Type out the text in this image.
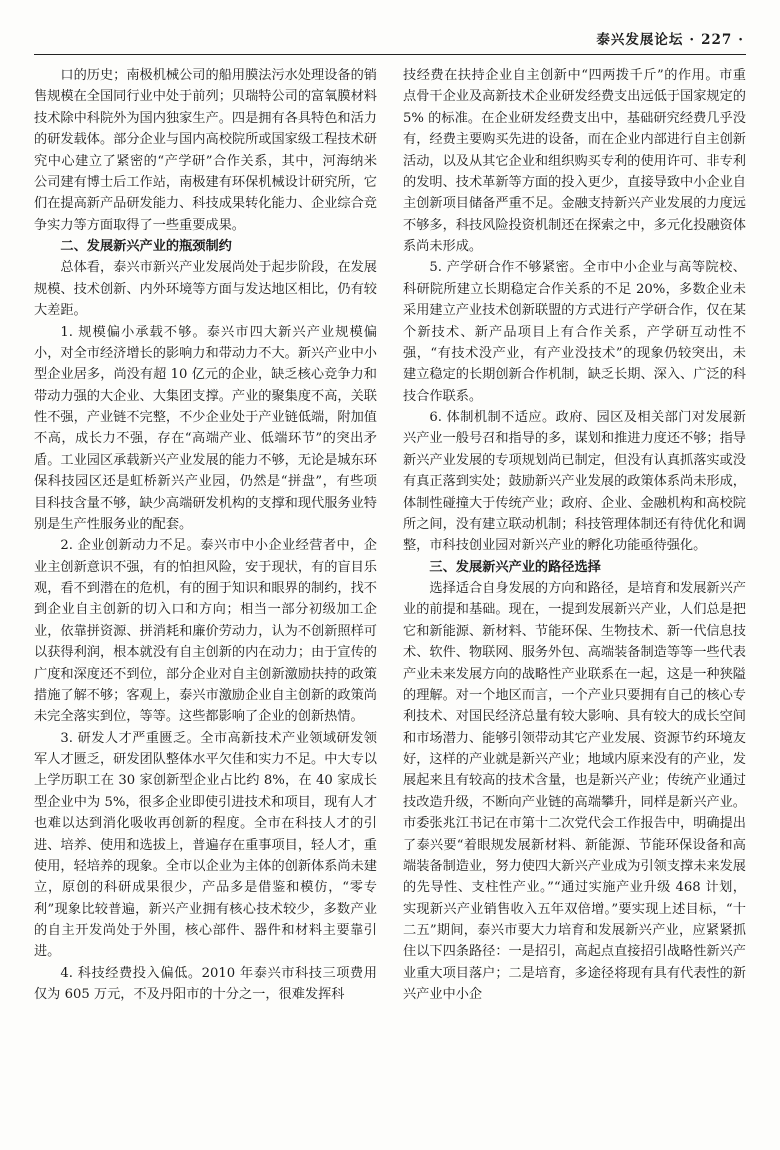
泰兴发展论坛 · 227 ·

口的历史；南极机械公司的船用膜法污水处理设备的销售规模在全国同行业中处于前列；贝瑞特公司的富氧膜材料技术除中科院外为国内独家生产。四是拥有各具特色和活力的研发载体。部分企业与国内高校院所或国家级工程技术研究中心建立了紧密的“产学研”合作关系，其中，河海纳米公司建有博士后工作站，南极建有环保机械设计研究所，它们在提高新产品研发能力、科技成果转化能力、企业综合竞争实力等方面取得了一些重要成果。

二、发展新兴产业的瓶颈制约

总体看，泰兴市新兴产业发展尚处于起步阶段，在发展规模、技术创新、内外环境等方面与发达地区相比，仍有较大差距。

1. 规模偏小承载不够。泰兴市四大新兴产业规模偏小，对全市经济增长的影响力和带动力不大。新兴产业中小型企业居多，尚没有超 10 亿元的企业，缺乏核心竞争力和带动力强的大企业、大集团支撑。产业的聚集度不高，关联性不强，产业链不完整，不少企业处于产业链低端，附加值不高，成长力不强，存在“高端产业、低端环节”的突出矛盾。工业园区承载新兴产业发展的能力不够，无论是城东环保科技园区还是虹桥新兴产业园，仍然是“拼盘”，有些项目科技含量不够，缺少高端研发机构的支撑和现代服务业特别是生产性服务业的配套。

2. 企业创新动力不足。泰兴市中小企业经营者中，企业主创新意识不强，有的怕担风险，安于现状，有的盲目乐观，看不到潜在的危机，有的囿于知识和眼界的制约，找不到企业自主创新的切入口和方向；相当一部分初级加工企业，依靠拼资源、拼消耗和廉价劳动力，认为不创新照样可以获得利润，根本就没有自主创新的内在动力；由于宣传的广度和深度还不到位，部分企业对自主创新激励扶持的政策措施了解不够；客观上，泰兴市激励企业自主创新的政策尚未完全落实到位，等等。这些都影响了企业的创新热情。

3. 研发人才严重匮乏。全市高新技术产业领域研发领军人才匮乏，研发团队整体水平欠佳和实力不足。中大专以上学历职工在 30 家创新型企业占比约 8%，在 40 家成长型企业中为 5%，很多企业即使引进技术和项目，现有人才也难以达到消化吸收再创新的程度。全市在科技人才的引进、培养、使用和选拔上，普遍存在重事项目，轻人才，重使用，轻培养的现象。全市以企业为主体的创新体系尚未建立，原创的科研成果很少，产品多是借鉴和模仿，“零专利”现象比较普遍，新兴产业拥有核心技术较少，多数产业的自主开发尚处于外围，核心部件、器件和材料主要靠引进。

4. 科技经费投入偏低。2010 年泰兴市科技三项费用仅为 605 万元，不及丹阳市的十分之一，很难发挥科

技经费在扶持企业自主创新中“四两拨千斤”的作用。市重点骨干企业及高新技术企业研发经费支出远低于国家规定的 5% 的标准。在企业研发经费支出中，基础研究经费几乎没有，经费主要购买先进的设备，而在企业内部进行自主创新活动，以及从其它企业和组织购买专利的使用许可、非专利的发明、技术革新等方面的投入更少，直接导致中小企业自主创新项目储备严重不足。金融支持新兴产业发展的力度远不够多，科技风险投资机制还在探索之中，多元化投融资体系尚未形成。

5. 产学研合作不够紧密。全市中小企业与高等院校、科研院所建立长期稳定合作关系的不足 20%，多数企业未采用建立产业技术创新联盟的方式进行产学研合作，仅在某个新技术、新产品项目上有合作关系，产学研互动性不强，“有技术没产业，有产业没技术”的现象仍较突出，未建立稳定的长期创新合作机制，缺乏长期、深入、广泛的科技合作联系。

6. 体制机制不适应。政府、园区及相关部门对发展新兴产业一般号召和指导的多，谋划和推进力度还不够；指导新兴产业发展的专项规划尚已制定，但没有认真抓落实或没有真正落到实处；鼓励新兴产业发展的政策体系尚未形成，体制性碰撞大于传统产业；政府、企业、金融机构和高校院所之间，没有建立联动机制；科技管理体制还有待优化和调整，市科技创业园对新兴产业的孵化功能亟待强化。

三、发展新兴产业的路径选择

选择适合自身发展的方向和路径，是培育和发展新兴产业的前提和基础。现在，一提到发展新兴产业，人们总是把它和新能源、新材料、节能环保、生物技术、新一代信息技术、软件、物联网、服务外包、高端装备制造等等一些代表产业未来发展方向的战略性产业联系在一起，这是一种狭隘的理解。对一个地区而言，一个产业只要拥有自己的核心专利技术、对国民经济总量有较大影响、具有较大的成长空间和市场潜力、能够引领带动其它产业发展、资源节约环境友好，这样的产业就是新兴产业；地域内原来没有的产业，发展起来且有较高的技术含量，也是新兴产业；传统产业通过技改造升级，不断向产业链的高端攀升，同样是新兴产业。市委张兆江书记在市第十二次党代会工作报告中，明确提出了泰兴要“着眼规发展新材料、新能源、节能环保设备和高端装备制造业，努力使四大新兴产业成为引领支撑未来发展的先导性、支柱性产业。”“通过实施产业升级 468 计划，实现新兴产业销售收入五年双倍增。”要实现上述目标，“十二五”期间，泰兴市要大力培育和发展新兴产业，应紧紧抓住以下四条路径：一是招引，高起点直接招引战略性新兴产业重大项目落户；二是培育，多途径将现有具有代表性的新兴产业中小企
